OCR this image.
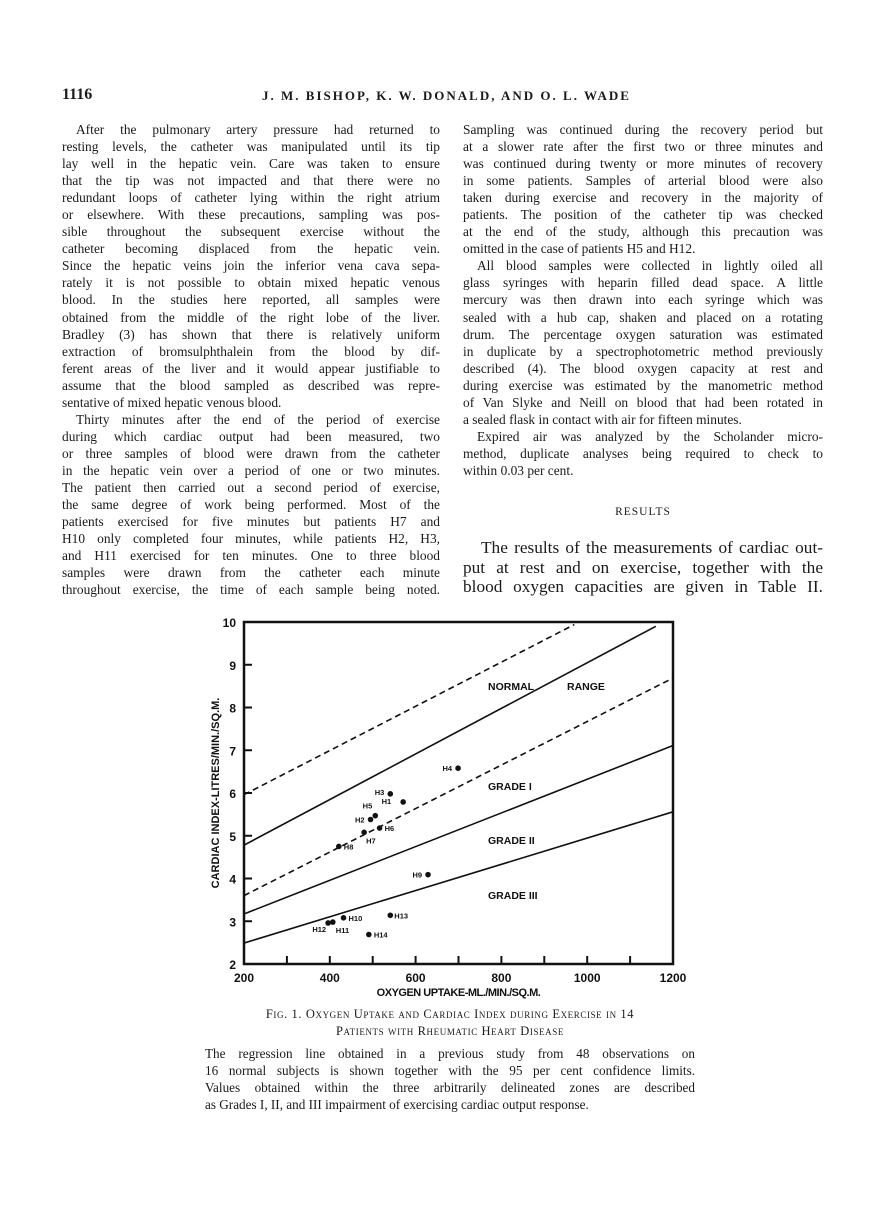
1116	J. M. BISHOP, K. W. DONALD, AND O. L. WADE
After the pulmonary artery pressure had returned to
resting levels, the catheter was manipulated until its tip
lay well in the hepatic vein. Care was taken to ensure
that the tip was not impacted and that there were no
redundant loops of catheter lying within the right atrium
or elsewhere. With these precautions, sampling was pos-
sible throughout the subsequent exercise without the
catheter becoming displaced from the hepatic vein.
Since the hepatic veins join the inferior vena cava sepa-
rately it is not possible to obtain mixed hepatic venous
blood. In the studies here reported, all samples were
obtained from the middle of the right lobe of the liver.
Bradley (3) has shown that there is relatively uniform
extraction of bromsulphthalein from the blood by dif-
ferent areas of the liver and it would appear justifiable to
assume that the blood sampled as described was repre-
sentative of mixed hepatic venous blood.
Thirty minutes after the end of the period of exercise
during which cardiac output had been measured, two
or three samples of blood were drawn from the catheter
in the hepatic vein over a period of one or two minutes.
The patient then carried out a second period of exercise,
the same degree of work being performed. Most of the
patients exercised for five minutes but patients H7 and
H10 only completed four minutes, while patients H2, H3,
and H11 exercised for ten minutes. One to three blood
samples were drawn from the catheter each minute
throughout exercise, the time of each sample being noted.
Sampling was continued during the recovery period but
at a slower rate after the first two or three minutes and
was continued during twenty or more minutes of recovery
in some patients. Samples of arterial blood were also
taken during exercise and recovery in the majority of
patients. The position of the catheter tip was checked
at the end of the study, although this precaution was
omitted in the case of patients H5 and H12.
All blood samples were collected in lightly oiled all
glass syringes with heparin filled dead space. A little
mercury was then drawn into each syringe which was
sealed with a hub cap, shaken and placed on a rotating
drum. The percentage oxygen saturation was estimated
in duplicate by a spectrophotometric method previously
described (4). The blood oxygen capacity at rest and
during exercise was estimated by the manometric method
of Van Slyke and Neill on blood that had been rotated in
a sealed flask in contact with air for fifteen minutes.
Expired air was analyzed by the Scholander micro-
method, duplicate analyses being required to check to
within 0.03 per cent.
RESULTS
The results of the measurements of cardiac out-
put at rest and on exercise, together with the
blood oxygen capacities are given in Table II.
2
3
4
5
6
7
8
9
10
200	400	600	800	1000	1200
OXYGEN UPTAKE-ML./MIN./SQ.M.
CARDIAC INDEX-LITRES/MIN./SQ.M.
NORMAL	RANGE
GRADE I
GRADE II
GRADE III
H1
H2
H3
H4
H5
H6
H7
H8
H9
H10
H11
H12
H13
H14
Fig. 1. Oxygen Uptake and Cardiac Index during Exercise in 14
Patients with Rheumatic Heart Disease
The regression line obtained in a previous study from 48 observations on
16 normal subjects is shown together with the 95 per cent confidence limits.
Values obtained within the three arbitrarily delineated zones are described
as Grades I, II, and III impairment of exercising cardiac output response.
